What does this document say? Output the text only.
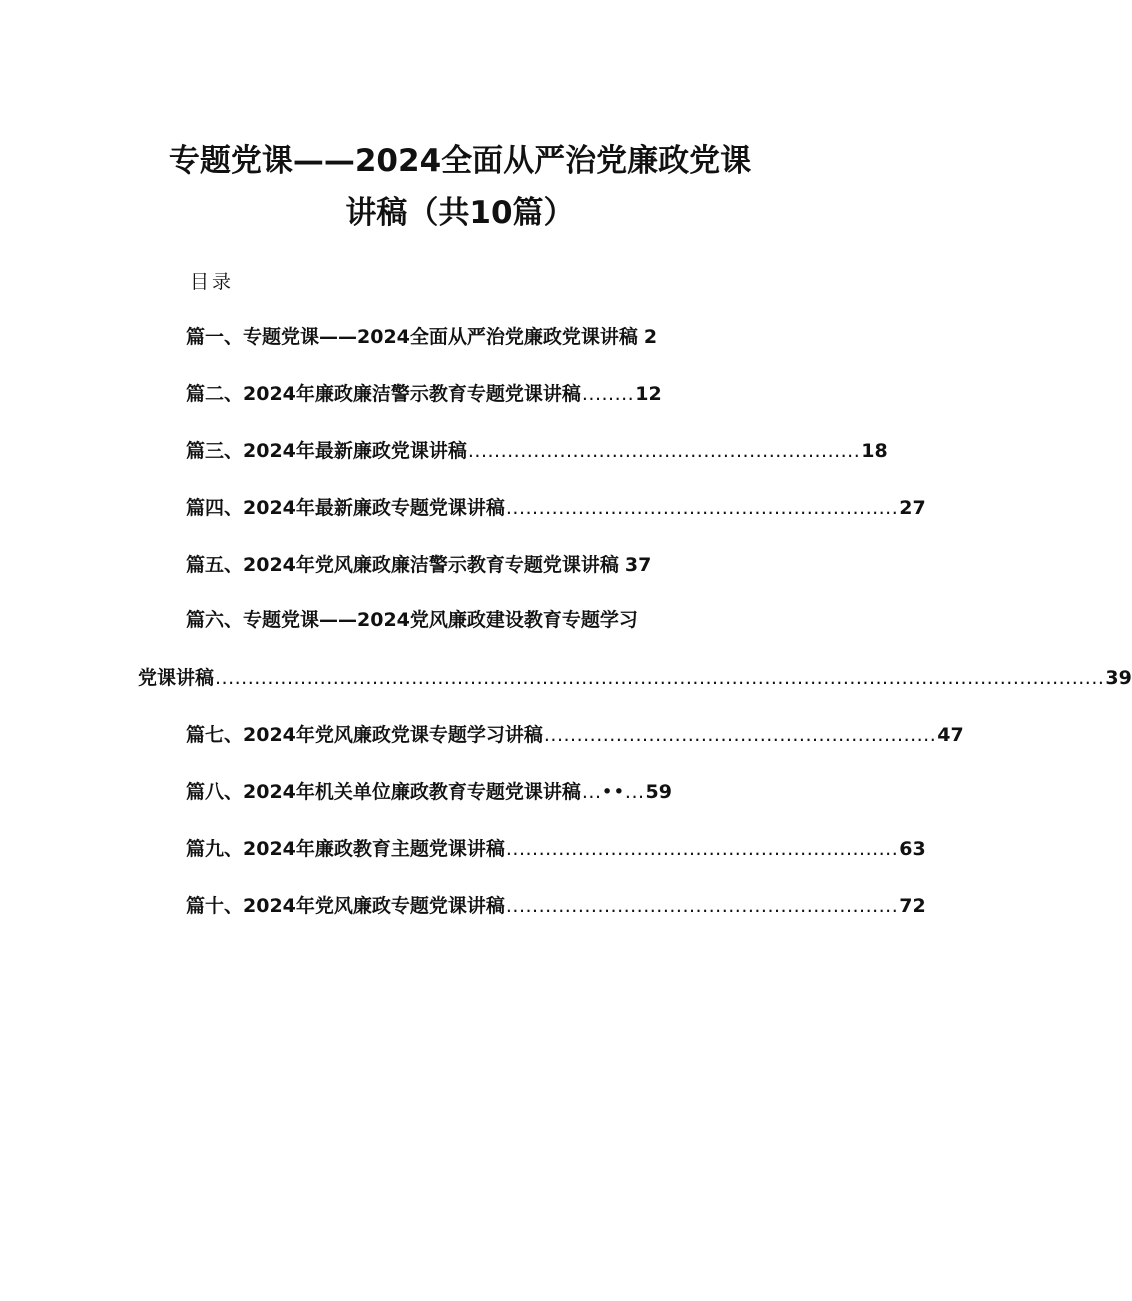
专题党课——2024全面从严治党廉政党课
讲稿（共10篇）
目录
篇一、专题党课——2024全面从严治党廉政党课讲稿 2
篇二、2024年廉政廉洁警示教育专题党课讲稿 ........ 12
篇三、2024年最新廉政党课讲稿 ............................................................ 18
篇四、2024年最新廉政专题党课讲稿 ............................................................ 27
篇五、2024年党风廉政廉洁警示教育专题党课讲稿 37
篇六、专题党课——2024党风廉政建设教育专题学习
党课讲稿 ........................................................................................................................................ 39
篇七、2024年党风廉政党课专题学习讲稿 ............................................................ 47
篇八、2024年机关单位廉政教育专题党课讲稿 ...••... 59
篇九、2024年廉政教育主题党课讲稿 ............................................................ 63
篇十、2024年党风廉政专题党课讲稿 ............................................................ 72
